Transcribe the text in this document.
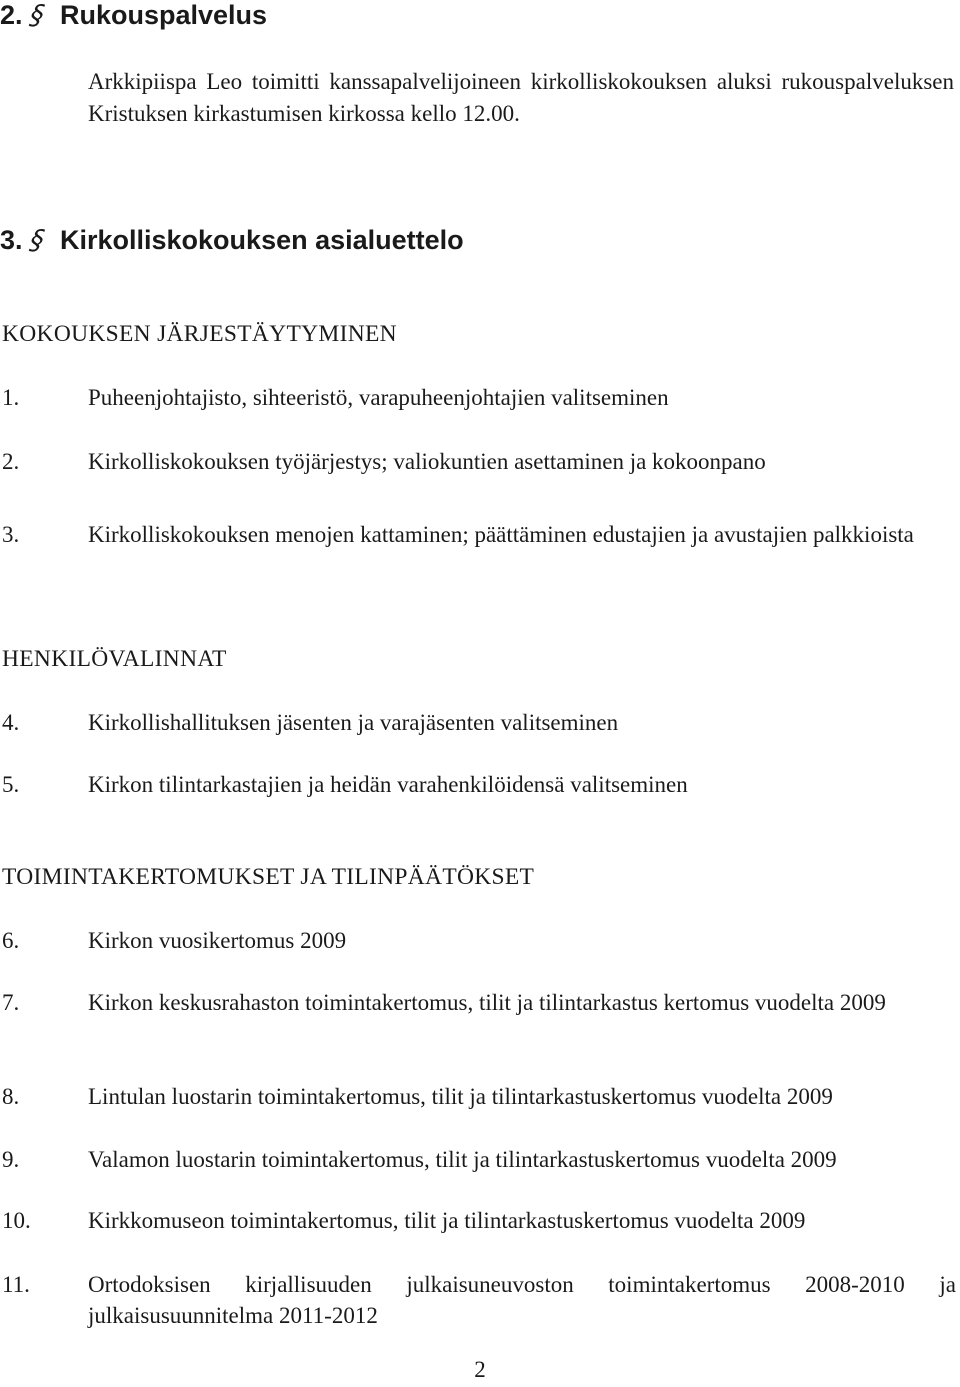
2.§ Rukouspalvelus
Arkkipiispa Leo toimitti kanssapalvelijoineen kirkolliskokouksen aluksi rukouspalveluksen Kristuksen kirkastumisen kirkossa kello 12.00.
3.§ Kirkolliskokouksen asialuettelo
KOKOUKSEN JÄRJESTÄYTYMINEN
1.	Puheenjohtajisto, sihteeristö, varapuheenjohtajien valitseminen
2.	Kirkolliskokouksen työjärjestys; valiokuntien asettaminen ja kokoonpano
3.	Kirkolliskokouksen menojen kattaminen; päättäminen edustajien ja avustajien palkkioista
HENKILÖVALINNAT
4.	Kirkollishallituksen jäsenten ja varajäsenten valitseminen
5.	Kirkon tilintarkastajien ja heidän varahenkilöidensä valitseminen
TOIMINTAKERTOMUKSET JA TILINPÄÄTÖKSET
6.	Kirkon vuosikertomus 2009
7.	Kirkon keskusrahaston toimintakertomus, tilit ja tilintarkastus kertomus vuodelta 2009
8.	Lintulan luostarin toimintakertomus, tilit ja tilintarkastuskertomus vuodelta 2009
9.	Valamon luostarin toimintakertomus, tilit ja tilintarkastuskertomus vuodelta 2009
10. Kirkkomuseon toimintakertomus, tilit ja tilintarkastuskertomus vuodelta 2009
11.	Ortodoksisen kirjallisuuden julkaisuneuvoston toimintakertomus 2008-2010 ja julkaisusuunnitelma 2011-2012
2
